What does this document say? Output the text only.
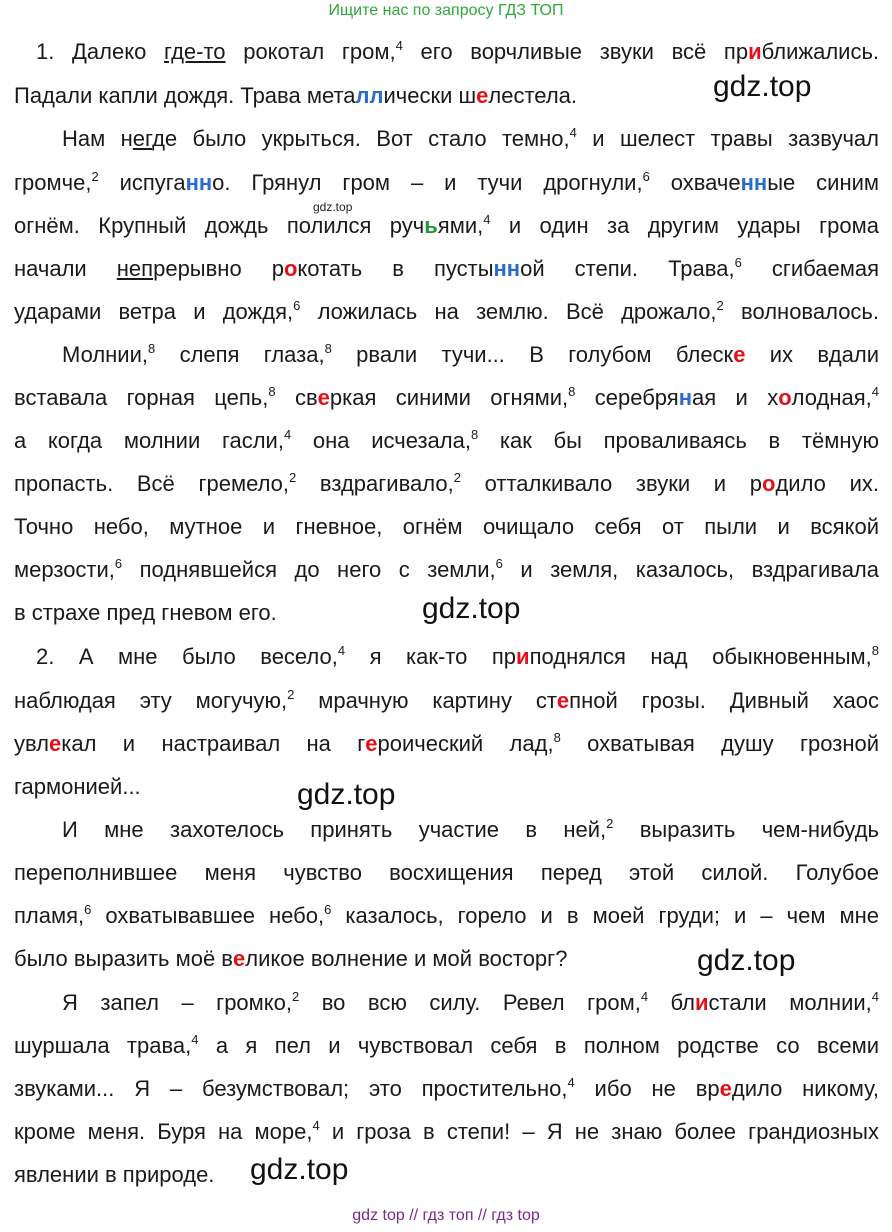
Ищите нас по запросу ГДЗ ТОП
1. Далеко где-то рокотал гром,$^4$ его ворчливые звуки всё приближались.
Падали капли дождя. Трава металлически шелестела.
Нам негде было укрыться. Вот стало темно,$^4$ и шелест травы зазвучал
громче,$^2$ испуганно. Грянул гром – и тучи дрогнули,$^6$ охваченные синим
огнём. Крупный дождь полился ручьями,$^4$ и один за другим удары грома
начали непрерывно рокотать в пустынной степи. Трава,$^6$ сгибаемая
ударами ветра и дождя,$^6$ ложилась на землю. Всё дрожало,$^2$ волновалось.
Молнии,$^8$ слепя глаза,$^8$ рвали тучи... В голубом блеске их вдали
вставала горная цепь,$^8$ сверкая синими огнями,$^8$ серебряная и холодная,$^4$
а когда молнии гасли,$^4$ она исчезала,$^8$ как бы проваливаясь в тёмную
пропасть. Всё гремело,$^2$ вздрагивало,$^2$ отталкивало звуки и родило их.
Точно небо, мутное и гневное, огнём очищало себя от пыли и всякой
мерзости,$^6$ поднявшейся до него с земли,$^6$ и земля, казалось, вздрагивала
в страхе пред гневом его.
2. А мне было весело,$^4$ я как-то приподнялся над обыкновенным,$^8$
наблюдая эту могучую,$^2$ мрачную картину степной грозы. Дивный хаос
увлекал и настраивал на героический лад,$^8$ охватывая душу грозной
гармонией...
И мне захотелось принять участие в ней,$^2$ выразить чем-нибудь
переполнившее меня чувство восхищения перед этой силой. Голубое
пламя,$^6$ охватывавшее небо,$^6$ казалось, горело и в моей груди; и – чем мне
было выразить моё великое волнение и мой восторг?
Я запел – громко,$^2$ во всю силу. Ревел гром,$^4$ блистали молнии,$^4$
шуршала трава,$^4$ а я пел и чувствовал себя в полном родстве со всеми
звуками... Я – безумствовал; это простительно,$^4$ ибо не вредило никому,
кроме меня. Буря на море,$^4$ и гроза в степи! – Я не знаю более грандиозных
явлении в природе.
gdz.top
gdz.top
gdz.top
gdz.top
gdz.top
gdz.top
gdz top // гдз топ // гдз top
